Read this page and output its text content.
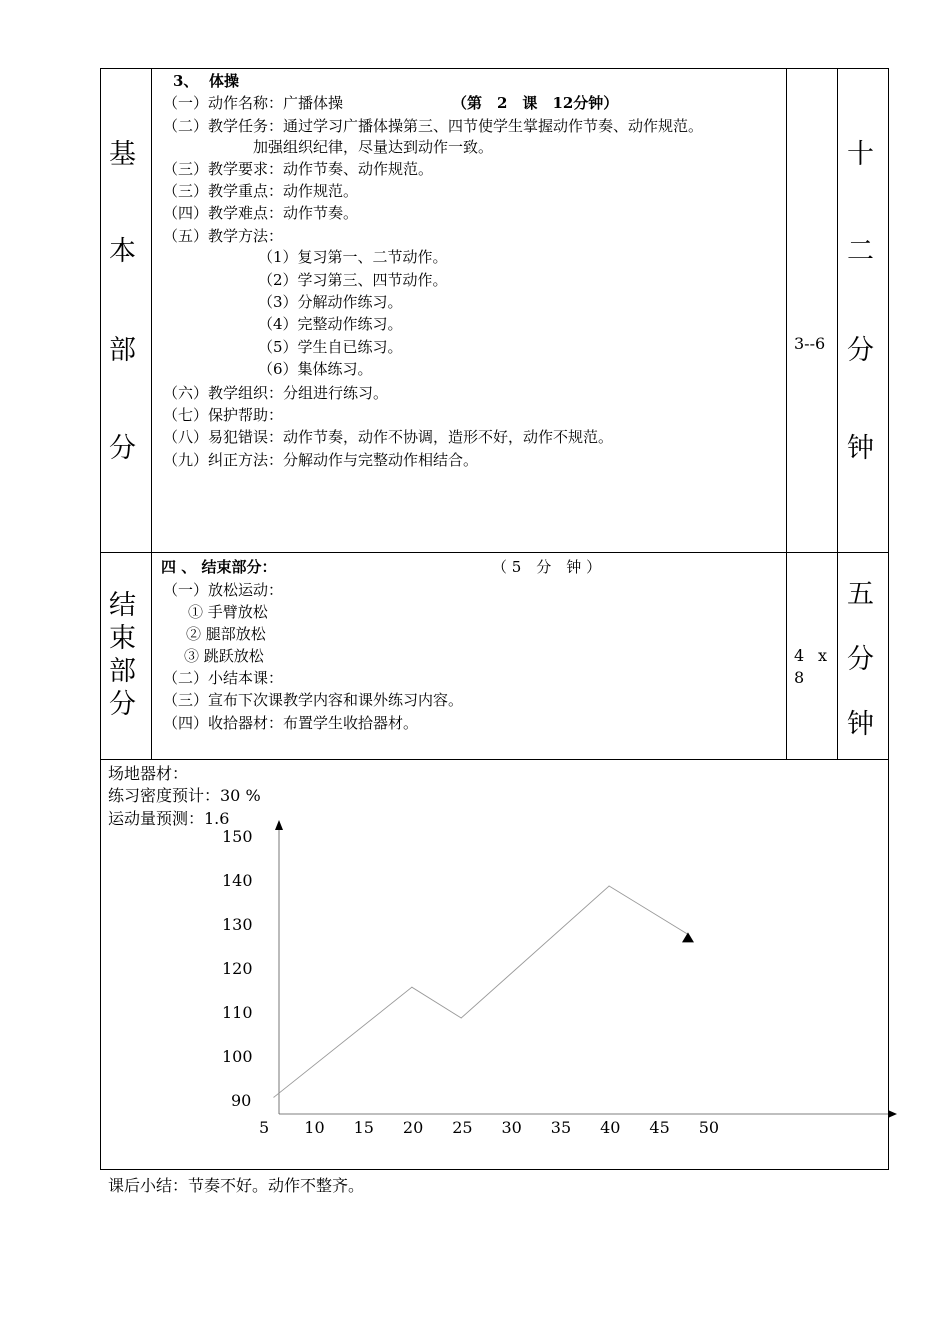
基
本
部
分
3、 体操
（一）动作名称：广播体操	（第　2　课　12分钟）
（二）教学任务：通过学习广播体操第三、四节使学生掌握动作节奏、动作规范。
加强组织纪律，尽量达到动作一致。
（三）教学要求：动作节奏、动作规范。
（三）教学重点：动作规范。
（四）教学难点：动作节奏。
（五）教学方法：
（1）复习第一、二节动作。
（2）学习第三、四节动作。
（3）分解动作练习。
（4）完整动作练习。
（5）学生自已练习。
（6）集体练习。
（六）教学组织：分组进行练习。
（七）保护帮助：
（八）易犯错误：动作节奏，动作不协调，造形不好，动作不规范。
（九）纠正方法：分解动作与完整动作相结合。
3--6
十
二
分
钟
结
束
部
分
四 、 结束部分：	（ 5　分　钟 ）
（一）放松运动：
① 手臂放松
② 腿部放松
③ 跳跃放松
（二）小结本课：
（三）宣布下次课教学内容和课外练习内容。
（四）收拾器材：布置学生收拾器材。
4 x
8
五
分
钟
场地器材：
练习密度预计：30 %
运动量预测：1.6
150
140
130
120
110
100
90
5 10 15 20 25 30 35 40 45 50
课后小结：节奏不好。动作不整齐。
